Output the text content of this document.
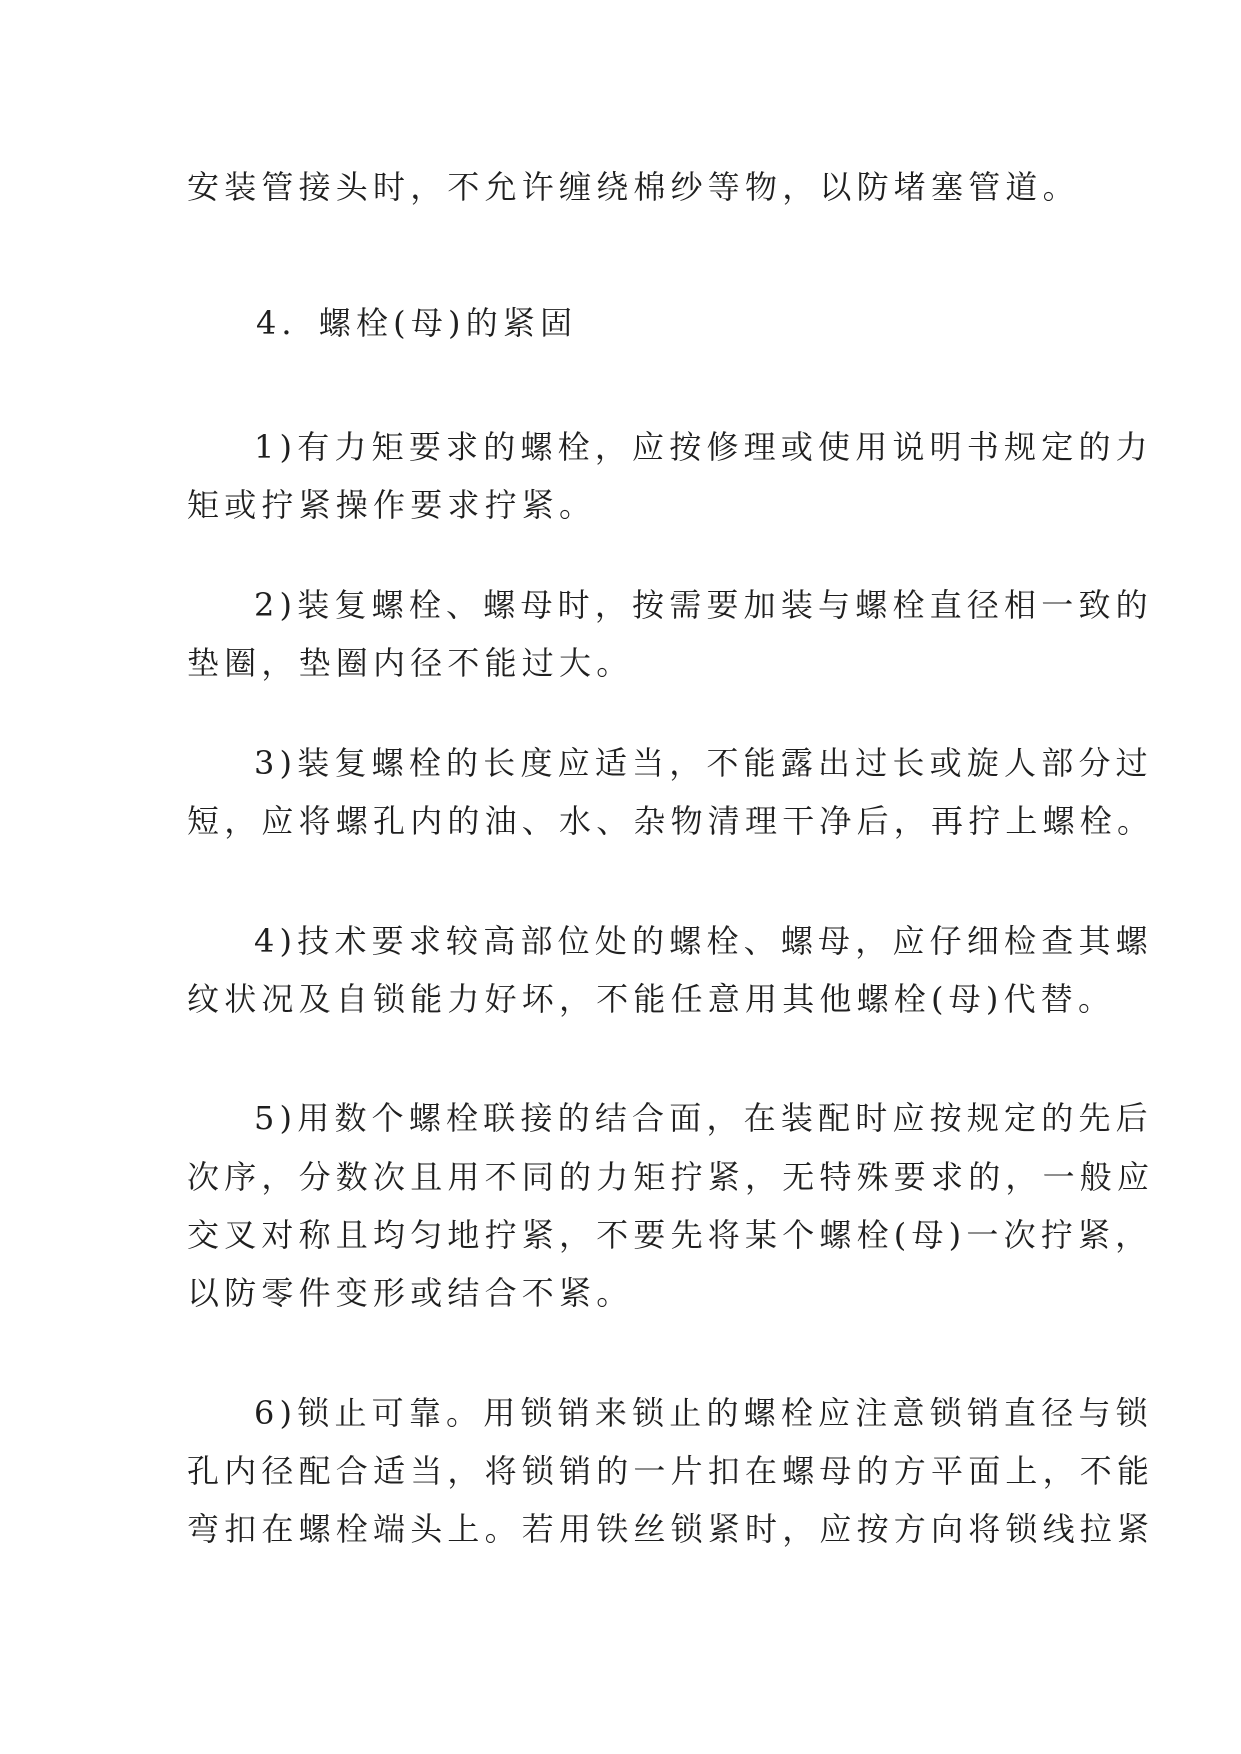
安装管接头时，不允许缠绕棉纱等物，以防堵塞管道。

4．螺栓(母)的紧固

1)有力矩要求的螺栓，应按修理或使用说明书规定的力

矩或拧紧操作要求拧紧。

2)装复螺栓、螺母时，按需要加装与螺栓直径相一致的

垫圈，垫圈内径不能过大。

3)装复螺栓的长度应适当，不能露出过长或旋人部分过

短，应将螺孔内的油、水、杂物清理干净后，再拧上螺栓。

4)技术要求较高部位处的螺栓、螺母，应仔细检查其螺

纹状况及自锁能力好坏，不能任意用其他螺栓(母)代替。

5)用数个螺栓联接的结合面，在装配时应按规定的先后

次序，分数次且用不同的力矩拧紧，无特殊要求的，一般应

交叉对称且均匀地拧紧，不要先将某个螺栓(母)一次拧紧，

以防零件变形或结合不紧。

6)锁止可靠。用锁销来锁止的螺栓应注意锁销直径与锁

孔内径配合适当，将锁销的一片扣在螺母的方平面上，不能

弯扣在螺栓端头上。若用铁丝锁紧时，应按方向将锁线拉紧
